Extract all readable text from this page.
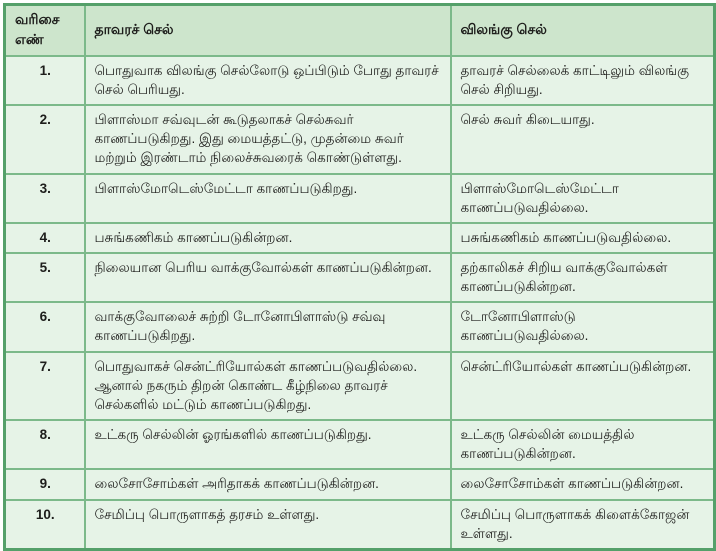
வரிசை எண்	தாவரச் செல்	விலங்கு செல்
1.	பொதுவாக விலங்கு செல்லோடு ஒப்பிடும் போது தாவரச் செல் பெரியது.	தாவரச் செல்லைக் காட்டிலும் விலங்கு செல் சிறியது.
2.	பிளாஸ்மா சவ்வுடன் கூடுதலாகச் செல்சுவர் காணப்படுகிறது. இது மையத்தட்டு, முதன்மை சுவர் மற்றும் இரண்டாம் நிலைச்சுவரைக் கொண்டுள்ளது.	செல் சுவர் கிடையாது.
3.	பிளாஸ்மோடெஸ்மேட்டா காணப்படுகிறது.	பிளாஸ்மோடெஸ்மேட்டா காணப்படுவதில்லை.
4.	பசுங்கணிகம் காணப்படுகின்றன.	பசுங்கணிகம் காணப்படுவதில்லை.
5.	நிலையான பெரிய வாக்குவோல்கள் காணப்படுகின்றன.	தற்காலிகச் சிறிய வாக்குவோல்கள் காணப்படுகின்றன.
6.	வாக்குவோலைச் சுற்றி டோனோபிளாஸ்டு சவ்வு காணப்படுகிறது.	டோனோபிளாஸ்டு காணப்படுவதில்லை.
7.	பொதுவாகச் சென்ட்ரியோல்கள் காணப்படுவதில்லை. ஆனால் நகரும் திறன் கொண்ட கீழ்நிலை தாவரச் செல்களில் மட்டும் காணப்படுகிறது.	சென்ட்ரியோல்கள் காணப்படுகின்றன.
8.	உட்கரு செல்லின் ஓரங்களில் காணப்படுகிறது.	உட்கரு செல்லின் மையத்தில் காணப்படுகின்றன.
9.	லைசோசோம்கள் அரிதாகக் காணப்படுகின்றன.	லைசோசோம்கள் காணப்படுகின்றன.
10.	சேமிப்பு பொருளாகத் தரசம் உள்ளது.	சேமிப்பு பொருளாகக் கிளைக்கோஜன் உள்ளது.
